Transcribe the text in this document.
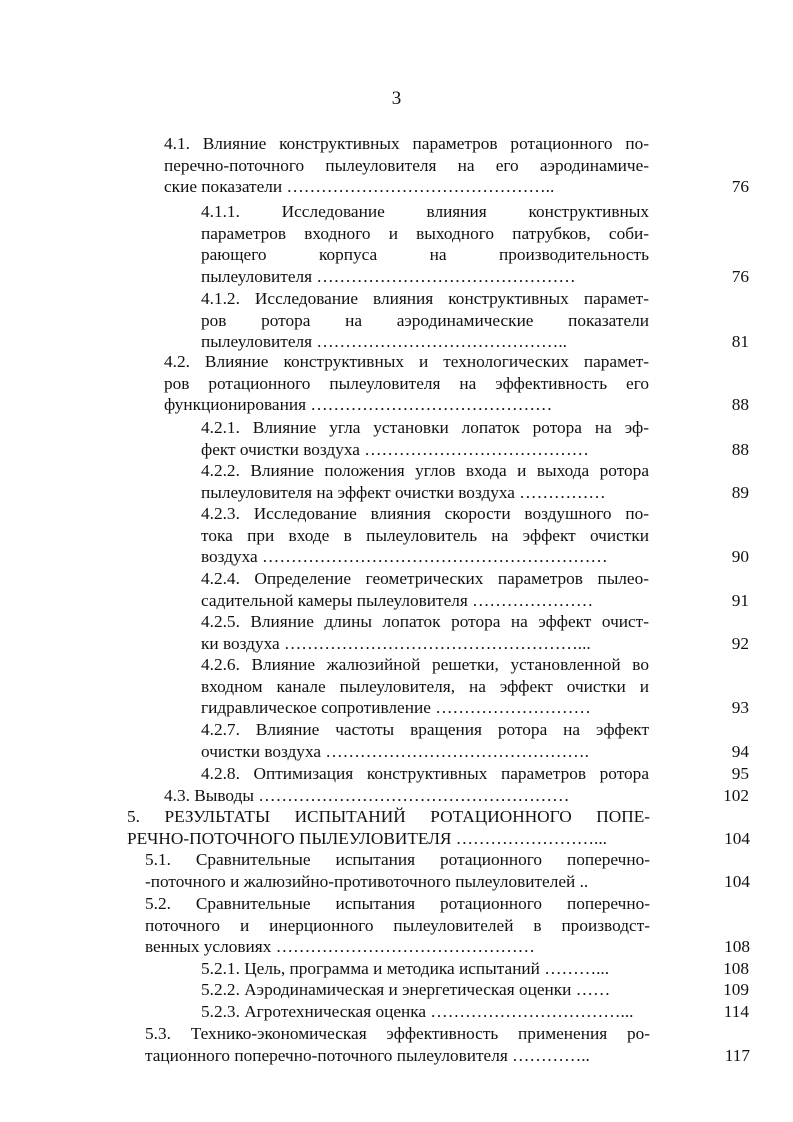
3
4.1. Влияние конструктивных параметров ротационного по-
перечно-поточного пылеуловителя на его аэродинамиче-
ские показатели ………………………………………..	76
4.1.1. Исследование влияния конструктивных
параметров входного и выходного патрубков, соби-
рающего корпуса на производительность
пылеуловителя ………………………………………	76
4.1.2. Исследование влияния конструктивных парамет-
ров ротора на аэродинамические показатели
пылеуловителя ……………………………………..	81
4.2. Влияние конструктивных и технологических парамет-
ров ротационного пылеуловителя на эффективность его
функционирования ……………………………………	88
4.2.1. Влияние угла установки лопаток ротора на эф-
фект очистки воздуха …………………………………	88
4.2.2. Влияние положения углов входа и выхода ротора
пылеуловителя на эффект очистки воздуха ……………	89
4.2.3. Исследование влияния скорости воздушного по-
тока при входе в пылеуловитель на эффект очистки
воздуха ……………………………………………………	90
4.2.4. Определение геометрических параметров пылео-
садительной камеры пылеуловителя …………………	91
4.2.5. Влияние длины лопаток ротора на эффект очист-
ки воздуха ……………………………………………...	92
4.2.6. Влияние жалюзийной решетки, установленной во
входном канале пылеуловителя, на эффект очистки и
гидравлическое сопротивление ………………………	93
4.2.7. Влияние частоты вращения ротора на эффект
очистки воздуха ……………………………………….	94
4.2.8. Оптимизация конструктивных параметров ротора	95
4.3. Выводы ………………………………………………	102
5. РЕЗУЛЬТАТЫ ИСПЫТАНИЙ РОТАЦИОННОГО ПОПЕ-
РЕЧНО-ПОТОЧНОГО ПЫЛЕУЛОВИТЕЛЯ ……………………...	104
5.1. Сравнительные испытания ротационного поперечно-
-поточного и жалюзийно-противоточного пылеуловителей ..	104
5.2. Сравнительные испытания ротационного поперечно-
поточного и инерционного пылеуловителей в производст-
венных условиях ………………………………………	108
5.2.1. Цель, программа и методика испытаний ………...	108
5.2.2. Аэродинамическая и энергетическая оценки ……	109
5.2.3. Агротехническая оценка ……………………………...	114
5.3. Технико-экономическая эффективность применения ро-
тационного поперечно-поточного пылеуловителя …………..	117
